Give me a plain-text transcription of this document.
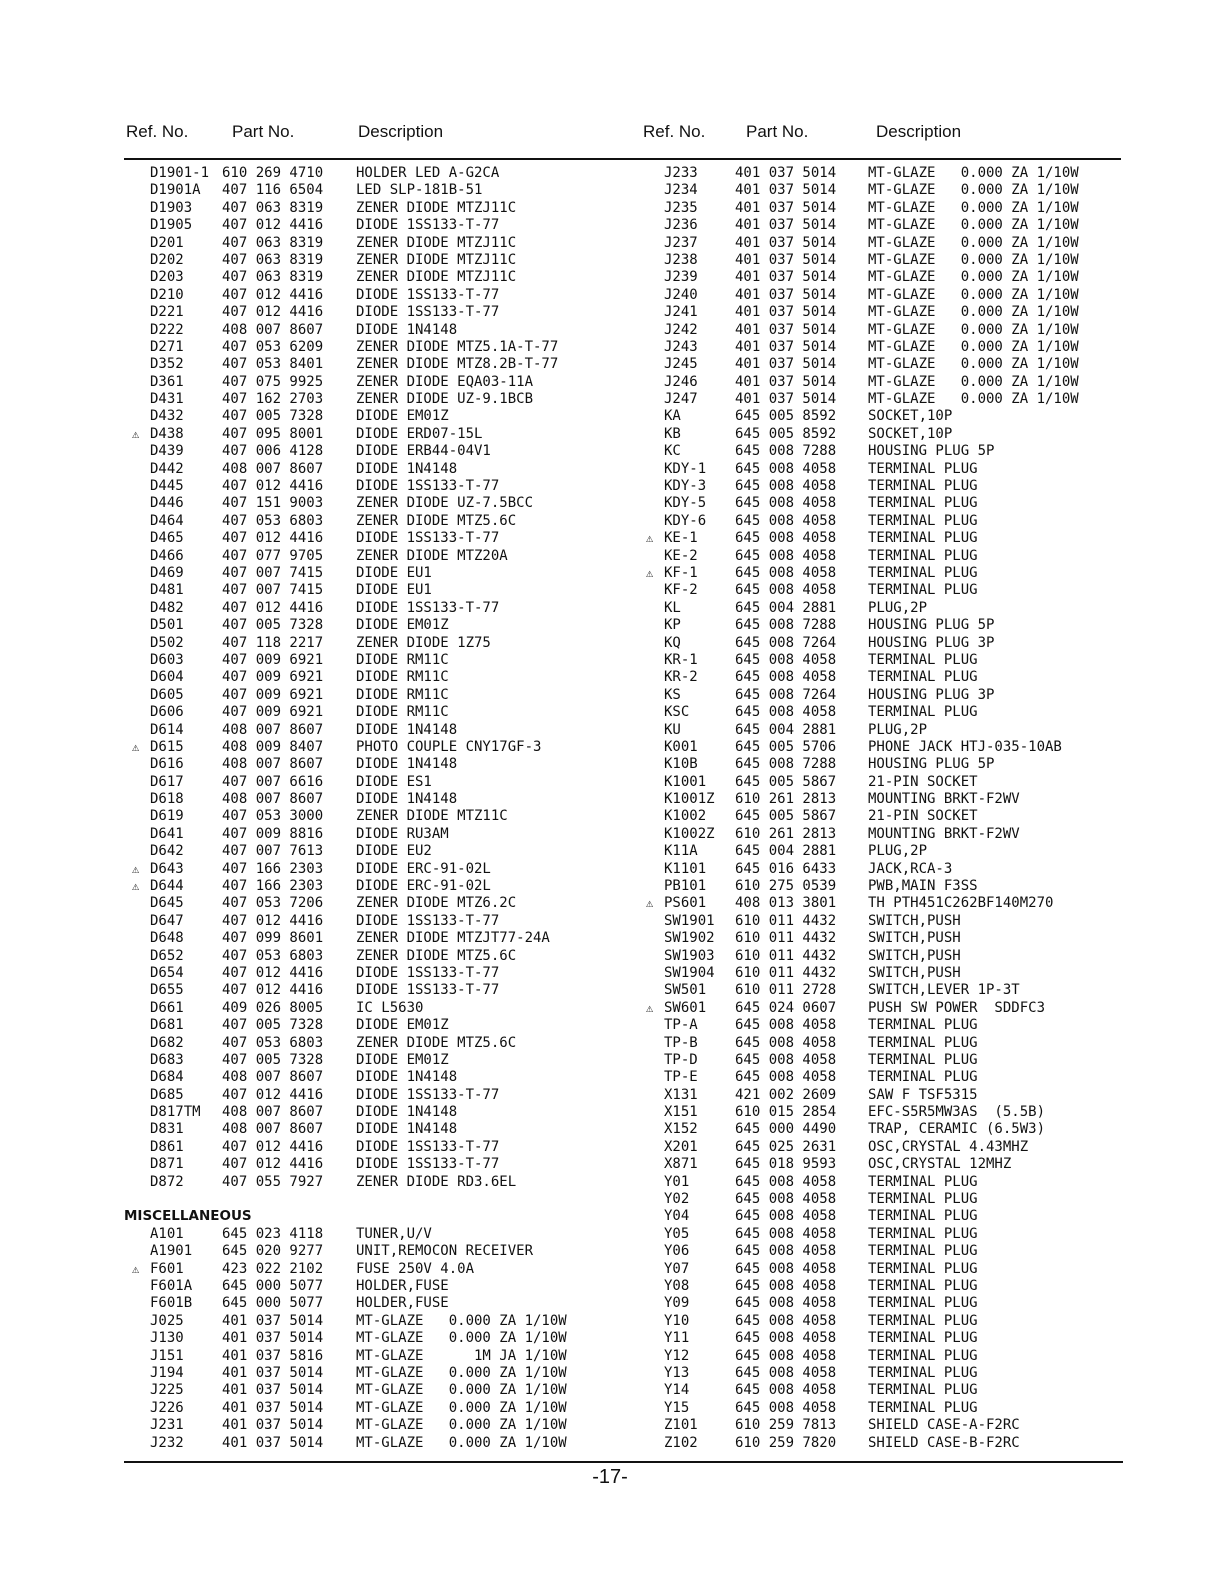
Ref. No.	Part No.	Description	Ref. No. Part No.	Description
D1901-1 610 269 4710 HOLDER LED A-G2CA
D1901A 407 116 6504 LED SLP-181B-51
D1903 407 063 8319 ZENER DIODE MTZJ11C
D1905 407 012 4416 DIODE 1SS133-T-77
D201	407 063 8319 ZENER DIODE MTZJ11C
D202	407 063 8319 ZENER DIODE MTZJ11C
D203	407 063 8319 ZENER DIODE MTZJ11C
D210	407 012 4416 DIODE 1SS133-T-77
D221	407 012 4416 DIODE 1SS133-T-77
D222	408 007 8607 DIODE 1N4148
D271	407 053 6209 ZENER DIODE MTZ5.1A-T-77
D352	407 053 8401 ZENER DIODE MTZ8.2B-T-77
D361	407 075 9925 ZENER DIODE EQA03-11A
D431	407 162 2703 ZENER DIODE UZ-9.1BCB
D432	407 005 7328 DIODE EM01Z
⚠ D438	407 095 8001 DIODE ERD07-15L
D439	407 006 4128 DIODE ERB44-04V1
D442	408 007 8607 DIODE 1N4148
D445	407 012 4416 DIODE 1SS133-T-77
D446	407 151 9003 ZENER DIODE UZ-7.5BCC
D464	407 053 6803 ZENER DIODE MTZ5.6C
D465	407 012 4416 DIODE 1SS133-T-77
D466	407 077 9705 ZENER DIODE MTZ20A
D469	407 007 7415 DIODE EU1
D481	407 007 7415 DIODE EU1
D482	407 012 4416 DIODE 1SS133-T-77
D501	407 005 7328 DIODE EM01Z
D502	407 118 2217 ZENER DIODE 1Z75
D603	407 009 6921 DIODE RM11C
D604	407 009 6921 DIODE RM11C
D605	407 009 6921 DIODE RM11C
D606	407 009 6921 DIODE RM11C
D614	408 007 8607 DIODE 1N4148
⚠ D615	408 009 8407 PHOTO COUPLE CNY17GF-3
D616	408 007 8607 DIODE 1N4148
D617	407 007 6616 DIODE ES1
D618	408 007 8607 DIODE 1N4148
D619	407 053 3000 ZENER DIODE MTZ11C
D641	407 009 8816 DIODE RU3AM
D642	407 007 7613 DIODE EU2
⚠ D643	407 166 2303 DIODE ERC-91-02L
⚠ D644	407 166 2303 DIODE ERC-91-02L
D645	407 053 7206 ZENER DIODE MTZ6.2C
D647	407 012 4416 DIODE 1SS133-T-77
D648	407 099 8601 ZENER DIODE MTZJT77-24A
D652	407 053 6803 ZENER DIODE MTZ5.6C
D654	407 012 4416 DIODE 1SS133-T-77
D655	407 012 4416 DIODE 1SS133-T-77
D661	409 026 8005 IC L5630
D681	407 005 7328 DIODE EM01Z
D682	407 053 6803 ZENER DIODE MTZ5.6C
D683	407 005 7328 DIODE EM01Z
D684	408 007 8607 DIODE 1N4148
D685	407 012 4416 DIODE 1SS133-T-77
D817TM 408 007 8607 DIODE 1N4148
D831	408 007 8607 DIODE 1N4148
D861	407 012 4416 DIODE 1SS133-T-77
D871	407 012 4416 DIODE 1SS133-T-77
D872	407 055 7927 ZENER DIODE RD3.6EL
MISCELLANEOUS
A101	645 023 4118 TUNER,U/V
A1901 645 020 9277 UNIT,REMOCON RECEIVER
⚠ F601	423 022 2102 FUSE 250V 4.0A
F601A 645 000 5077 HOLDER,FUSE
F601B 645 000 5077 HOLDER,FUSE
J025	401 037 5014 MT-GLAZE   0.000 ZA 1/10W
J130	401 037 5014 MT-GLAZE   0.000 ZA 1/10W
J151	401 037 5816 MT-GLAZE      1M JA 1/10W
J194	401 037 5014 MT-GLAZE   0.000 ZA 1/10W
J225	401 037 5014 MT-GLAZE   0.000 ZA 1/10W
J226	401 037 5014 MT-GLAZE   0.000 ZA 1/10W
J231	401 037 5014 MT-GLAZE   0.000 ZA 1/10W
J232	401 037 5014 MT-GLAZE   0.000 ZA 1/10W
J233	401 037 5014 MT-GLAZE   0.000 ZA 1/10W
J234	401 037 5014 MT-GLAZE   0.000 ZA 1/10W
J235	401 037 5014 MT-GLAZE   0.000 ZA 1/10W
J236	401 037 5014 MT-GLAZE   0.000 ZA 1/10W
J237	401 037 5014 MT-GLAZE   0.000 ZA 1/10W
J238	401 037 5014 MT-GLAZE   0.000 ZA 1/10W
J239	401 037 5014 MT-GLAZE   0.000 ZA 1/10W
J240	401 037 5014 MT-GLAZE   0.000 ZA 1/10W
J241	401 037 5014 MT-GLAZE   0.000 ZA 1/10W
J242	401 037 5014 MT-GLAZE   0.000 ZA 1/10W
J243	401 037 5014 MT-GLAZE   0.000 ZA 1/10W
J245	401 037 5014 MT-GLAZE   0.000 ZA 1/10W
J246	401 037 5014 MT-GLAZE   0.000 ZA 1/10W
J247	401 037 5014 MT-GLAZE   0.000 ZA 1/10W
KA	645 005 8592 SOCKET,10P
KB	645 005 8592 SOCKET,10P
KC	645 008 7288 HOUSING PLUG 5P
KDY-1 645 008 4058 TERMINAL PLUG
KDY-3 645 008 4058 TERMINAL PLUG
KDY-5 645 008 4058 TERMINAL PLUG
KDY-6 645 008 4058 TERMINAL PLUG
⚠ KE-1	645 008 4058 TERMINAL PLUG
KE-2	645 008 4058 TERMINAL PLUG
⚠ KF-1	645 008 4058 TERMINAL PLUG
KF-2	645 008 4058 TERMINAL PLUG
KL	645 004 2881 PLUG,2P
KP	645 008 7288 HOUSING PLUG 5P
KQ	645 008 7264 HOUSING PLUG 3P
KR-1	645 008 4058 TERMINAL PLUG
KR-2	645 008 4058 TERMINAL PLUG
KS	645 008 7264 HOUSING PLUG 3P
KSC	645 008 4058 TERMINAL PLUG
KU	645 004 2881 PLUG,2P
K001	645 005 5706 PHONE JACK HTJ-035-10AB
K10B	645 008 7288 HOUSING PLUG 5P
K1001 645 005 5867 21-PIN SOCKET
K1001Z 610 261 2813 MOUNTING BRKT-F2WV
K1002 645 005 5867 21-PIN SOCKET
K1002Z 610 261 2813 MOUNTING BRKT-F2WV
K11A	645 004 2881 PLUG,2P
K1101 645 016 6433 JACK,RCA-3
PB101 610 275 0539 PWB,MAIN F3SS
⚠ PS601 408 013 3801 TH PTH451C262BF140M270
SW1901 610 011 4432 SWITCH,PUSH
SW1902 610 011 4432 SWITCH,PUSH
SW1903 610 011 4432 SWITCH,PUSH
SW1904 610 011 4432 SWITCH,PUSH
SW501 610 011 2728 SWITCH,LEVER 1P-3T
⚠ SW601 645 024 0607 PUSH SW POWER  SDDFC3
TP-A	645 008 4058 TERMINAL PLUG
TP-B	645 008 4058 TERMINAL PLUG
TP-D	645 008 4058 TERMINAL PLUG
TP-E	645 008 4058 TERMINAL PLUG
X131	421 002 2609 SAW F TSF5315
X151	610 015 2854 EFC-S5R5MW3AS  (5.5B)
X152	645 000 4490 TRAP, CERAMIC (6.5W3)
X201	645 025 2631 OSC,CRYSTAL 4.43MHZ
X871	645 018 9593 OSC,CRYSTAL 12MHZ
Y01	645 008 4058 TERMINAL PLUG
Y02	645 008 4058 TERMINAL PLUG
Y04	645 008 4058 TERMINAL PLUG
Y05	645 008 4058 TERMINAL PLUG
Y06	645 008 4058 TERMINAL PLUG
Y07	645 008 4058 TERMINAL PLUG
Y08	645 008 4058 TERMINAL PLUG
Y09	645 008 4058 TERMINAL PLUG
Y10	645 008 4058 TERMINAL PLUG
Y11	645 008 4058 TERMINAL PLUG
Y12	645 008 4058 TERMINAL PLUG
Y13	645 008 4058 TERMINAL PLUG
Y14	645 008 4058 TERMINAL PLUG
Y15	645 008 4058 TERMINAL PLUG
Z101	610 259 7813 SHIELD CASE-A-F2RC
Z102	610 259 7820 SHIELD CASE-B-F2RC
-17-
